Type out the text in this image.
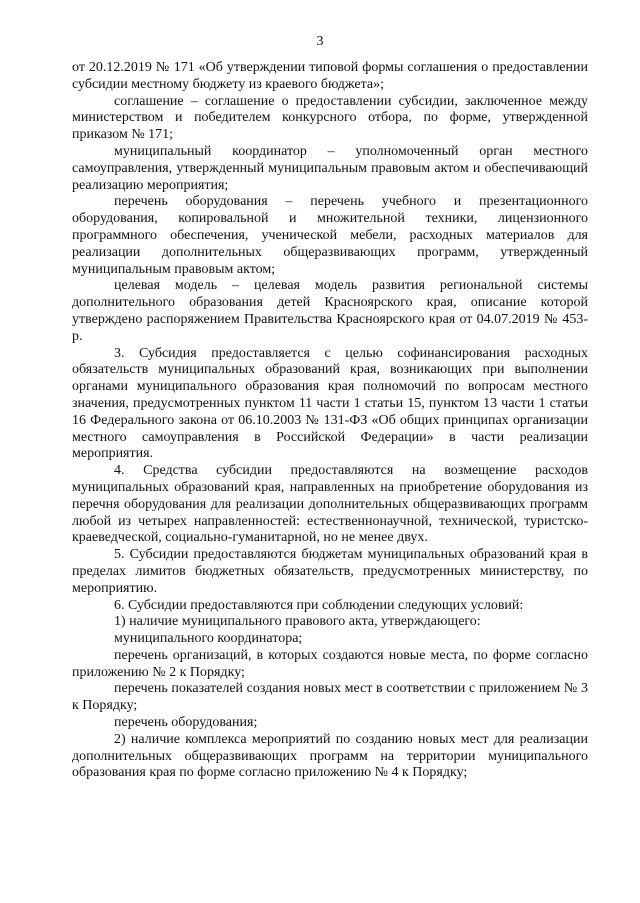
3

от 20.12.2019 № 171 «Об утверждении типовой формы соглашения о предоставлении субсидии местному бюджету из краевого бюджета»;

соглашение – соглашение о предоставлении субсидии, заключенное между министерством и победителем конкурсного отбора, по форме, утвержденной приказом № 171;

муниципальный координатор – уполномоченный орган местного самоуправления, утвержденный муниципальным правовым актом и обеспечивающий реализацию мероприятия;

перечень оборудования – перечень учебного и презентационного оборудования, копировальной и множительной техники, лицензионного программного обеспечения, ученической мебели, расходных материалов для реализации дополнительных общеразвивающих программ, утвержденный муниципальным правовым актом;

целевая модель – целевая модель развития региональной системы дополнительного образования детей Красноярского края, описание которой утверждено распоряжением Правительства Красноярского края от 04.07.2019 № 453-р.

3. Субсидия предоставляется с целью софинансирования расходных обязательств муниципальных образований края, возникающих при выполнении органами муниципального образования края полномочий по вопросам местного значения, предусмотренных пунктом 11 части 1 статьи 15, пунктом 13 части 1 статьи 16 Федерального закона от 06.10.2003 № 131-ФЗ «Об общих принципах организации местного самоуправления в Российской Федерации» в части реализации мероприятия.

4. Средства субсидии предоставляются на возмещение расходов муниципальных образований края, направленных на приобретение оборудования из перечня оборудования для реализации дополнительных общеразвивающих программ любой из четырех направленностей: естественнонаучной, технической, туристско-краеведческой, социально-гуманитарной, но не менее двух.

5. Субсидии предоставляются бюджетам муниципальных образований края в пределах лимитов бюджетных обязательств, предусмотренных министерству, по мероприятию.

6. Субсидии предоставляются при соблюдении следующих условий:

1) наличие муниципального правового акта, утверждающего:

муниципального координатора;

перечень организаций, в которых создаются новые места, по форме согласно приложению № 2 к Порядку;

перечень показателей создания новых мест в соответствии с приложением № 3 к Порядку;

перечень оборудования;

2) наличие комплекса мероприятий по созданию новых мест для реализации дополнительных общеразвивающих программ на территории муниципального образования края по форме согласно приложению № 4 к Порядку;
